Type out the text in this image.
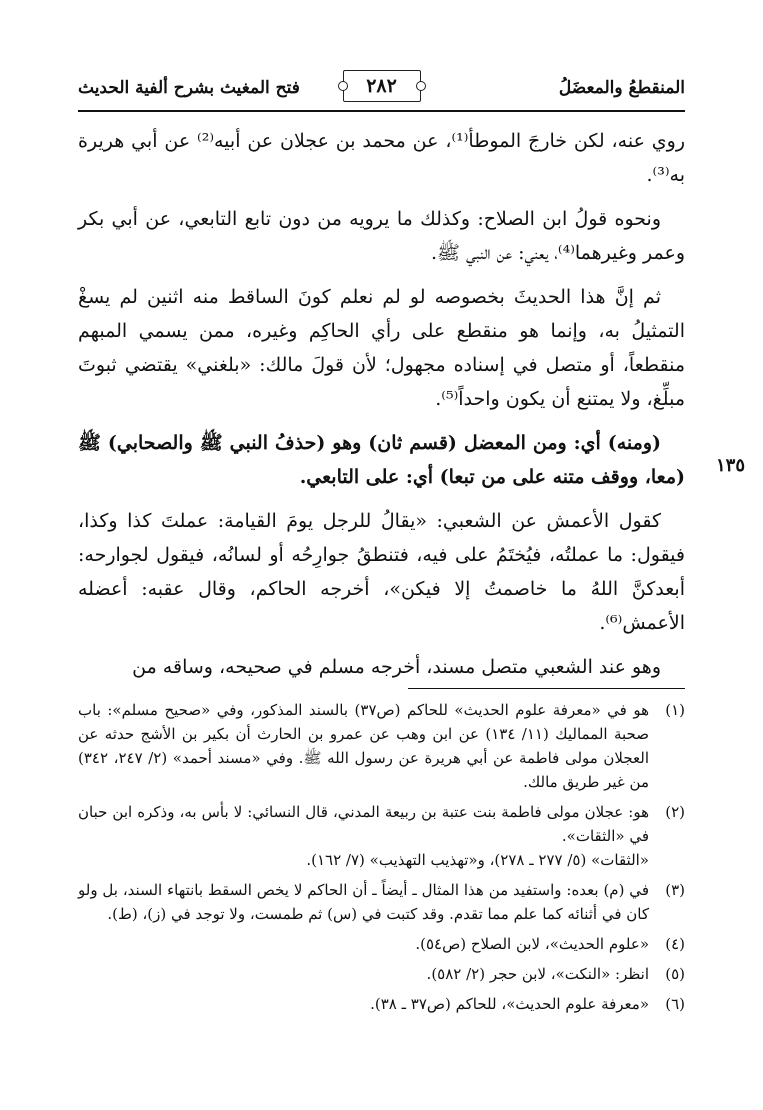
المنقطعُ والمعضَلُ
٢٨٢
فتح المغيث بشرح ألفية الحديث
١٣٥

روي عنه، لكن خارجَ الموطأ⁽¹⁾، عن محمد بن عجلان عن أبيه⁽²⁾ عن أبي هريرة به⁽³⁾.

ونحوه قولُ ابن الصلاح: وكذلك ما يرويه من دون تابع التابعي، عن أبي بكر وعمر وغيرهما⁽⁴⁾، يعني: عن النبي ﷺ.

ثم إنَّ هذا الحديثَ بخصوصه لو لم نعلم كونَ الساقط منه اثنين لم يسغْ التمثيلُ به، وإنما هو منقطع على رأي الحاكِم وغيره، ممن يسمي المبهم منقطعاً، أو متصل في إسناده مجهول؛ لأن قولَ مالك: «بلغني» يقتضي ثبوتَ مبلِّغ، ولا يمتنع أن يكون واحداً⁽⁵⁾.

(ومنه) أي: ومن المعضل (قسم ثان) وهو (حذفُ النبي ﷺ والصحابي) ﷺ (معا، ووقف متنه على من تبعا) أي: على التابعي.

كقول الأعمش عن الشعبي: «يقالُ للرجل يومَ القيامة: عملتَ كذا وكذا، فيقول: ما عملتُه، فيُختَمُ على فيه، فتنطقُ جوارِحُه أو لسانُه، فيقول لجوارحه: أبعدكنَّ اللهُ ما خاصمتُ إلا فيكن»، أخرجه الحاكم، وقال عقبه: أعضله الأعمش⁽⁶⁾.

وهو عند الشعبي متصل مسند، أخرجه مسلم في صحيحه، وساقه من

(١)
هو في «معرفة علوم الحديث» للحاكم (ص٣٧) بالسند المذكور، وفي «صحيح مسلم»: باب صحبة المماليك (١١/ ١٣٤) عن ابن وهب عن عمرو بن الحارث أن بكير بن الأشج حدثه عن العجلان مولى فاطمة عن أبي هريرة عن رسول الله ﷺ. وفي «مسند أحمد» (٢/ ٢٤٧، ٣٤٢) من غير طريق مالك.
(٢)
هو: عجلان مولى فاطمة بنت عتبة بن ربيعة المدني، قال النسائي: لا بأس به، وذكره ابن حبان في «الثقات».
«الثقات» (٥/ ٢٧٧ ـ ٢٧٨)، و«تهذيب التهذيب» (٧/ ١٦٢).
(٣)
في (م) بعده: واستفيد من هذا المثال ـ أيضاً ـ أن الحاكم لا يخص السقط بانتهاء السند، بل ولو كان في أثنائه كما علم مما تقدم. وقد كتبت في (س) ثم طمست، ولا توجد في (ز)، (ط).
(٤)
«علوم الحديث»، لابن الصلاح (ص٥٤).
(٥)
انظر: «النكت»، لابن حجر (٢/ ٥٨٢).
(٦)
«معرفة علوم الحديث»، للحاكم (ص٣٧ ـ ٣٨).
